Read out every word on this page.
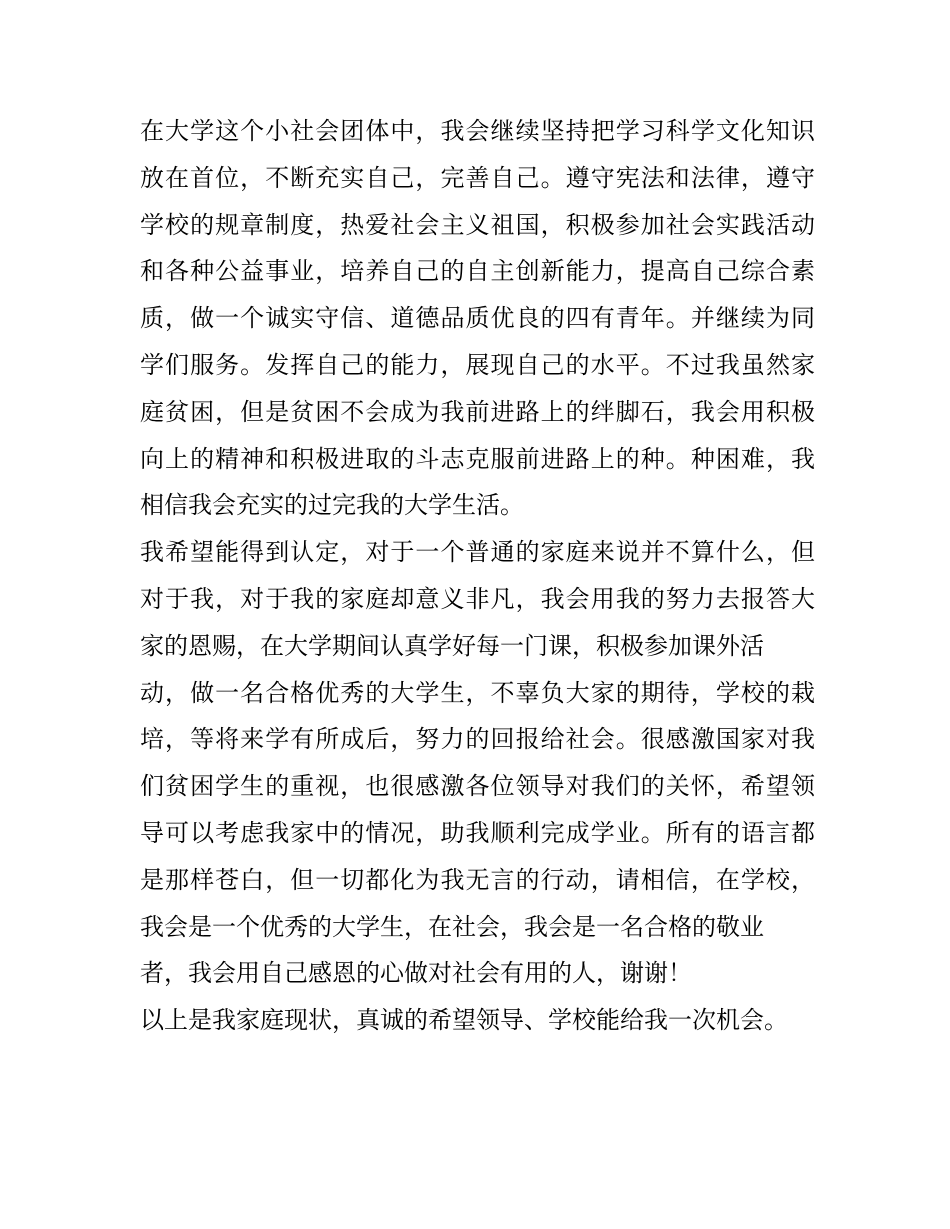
在大学这个小社会团体中，我会继续坚持把学习科学文化知识
放在首位，不断充实自己，完善自己。遵守宪法和法律，遵守
学校的规章制度，热爱社会主义祖国，积极参加社会实践活动
和各种公益事业，培养自己的自主创新能力，提高自己综合素
质，做一个诚实守信、道德品质优良的四有青年。并继续为同
学们服务。发挥自己的能力，展现自己的水平。不过我虽然家
庭贫困，但是贫困不会成为我前进路上的绊脚石，我会用积极
向上的精神和积极进取的斗志克服前进路上的种。种困难，我
相信我会充实的过完我的大学生活。
我希望能得到认定，对于一个普通的家庭来说并不算什么，但
对于我，对于我的家庭却意义非凡，我会用我的努力去报答大
家的恩赐，在大学期间认真学好每一门课，积极参加课外活
动，做一名合格优秀的大学生，不辜负大家的期待，学校的栽
培，等将来学有所成后，努力的回报给社会。很感激国家对我
们贫困学生的重视，也很感激各位领导对我们的关怀，希望领
导可以考虑我家中的情况，助我顺利完成学业。所有的语言都
是那样苍白，但一切都化为我无言的行动，请相信，在学校，
我会是一个优秀的大学生，在社会，我会是一名合格的敬业
者，我会用自己感恩的心做对社会有用的人，谢谢！
以上是我家庭现状，真诚的希望领导、学校能给我一次机会。
